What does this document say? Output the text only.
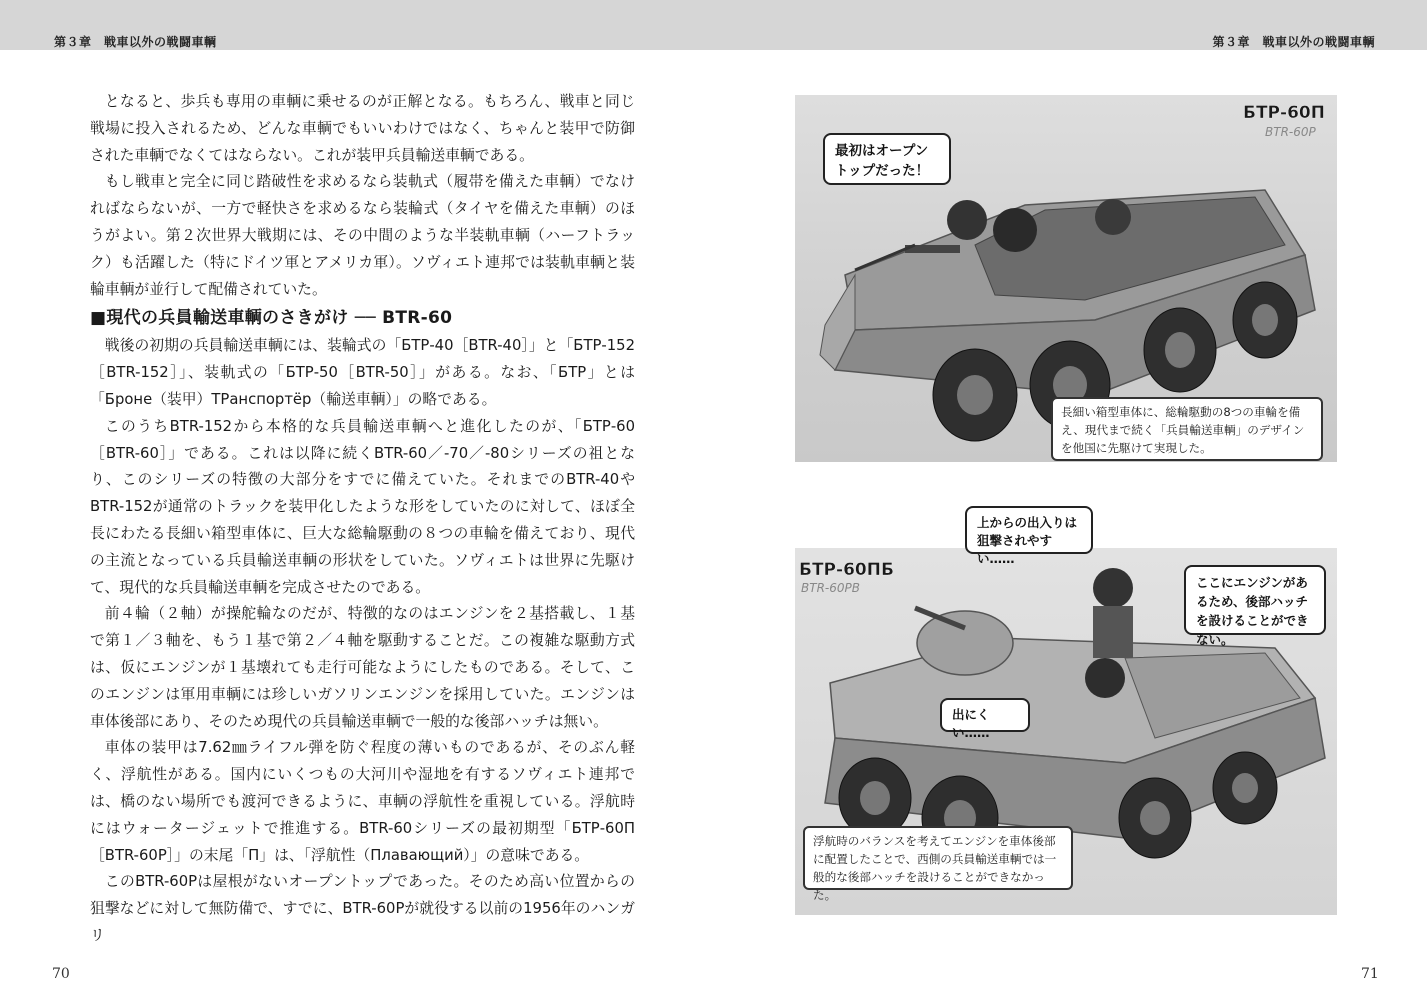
第３章　戦車以外の戦闘車輌	第３章　戦車以外の戦闘車輌

となると、歩兵も専用の車輌に乗せるのが正解となる。もちろん、戦車と同じ戦場に投入されるため、どんな車輌でもいいわけではなく、ちゃんと装甲で防御された車輌でなくてはならない。これが装甲兵員輸送車輌である。

もし戦車と完全に同じ踏破性を求めるなら装軌式（履帯を備えた車輌）でなければならないが、一方で軽快さを求めるなら装輪式（タイヤを備えた車輌）のほうがよい。第２次世界大戦期には、その中間のような半装軌車輌（ハーフトラック）も活躍した（特にドイツ軍とアメリカ軍）。ソヴィエト連邦では装軌車輌と装輪車輌が並行して配備されていた。

■現代の兵員輸送車輌のさきがけ ── BTR-60

戦後の初期の兵員輸送車輌には、装輪式の「БТР-40［BTR-40］」と「БТР-152［BTR-152］」、装軌式の「БТР-50［BTR-50］」がある。なお、「БТР」とは「Броне（装甲）ТРанспортёр（輸送車輌）」の略である。

このうちBTR-152から本格的な兵員輸送車輌へと進化したのが、「БТР-60［BTR-60］」である。これは以降に続くBTR-60／-70／-80シリーズの祖となり、このシリーズの特徴の大部分をすでに備えていた。それまでのBTR-40やBTR-152が通常のトラックを装甲化したような形をしていたのに対して、ほぼ全長にわたる長細い箱型車体に、巨大な総輪駆動の８つの車輪を備えており、現代の主流となっている兵員輸送車輌の形状をしていた。ソヴィエトは世界に先駆けて、現代的な兵員輸送車輌を完成させたのである。

前４輪（２軸）が操舵輪なのだが、特徴的なのはエンジンを２基搭載し、１基で第１／３軸を、もう１基で第２／４軸を駆動することだ。この複雑な駆動方式は、仮にエンジンが１基壊れても走行可能なようにしたものである。そして、このエンジンは軍用車輌には珍しいガソリンエンジンを採用していた。エンジンは車体後部にあり、そのため現代の兵員輸送車輌で一般的な後部ハッチは無い。

車体の装甲は7.62㎜ライフル弾を防ぐ程度の薄いものであるが、そのぶん軽く、浮航性がある。国内にいくつもの大河川や湿地を有するソヴィエト連邦では、橋のない場所でも渡河できるように、車輌の浮航性を重視している。浮航時にはウォータージェットで推進する。BTR-60シリーズの最初期型「БТР-60П［BTR-60P］」の末尾「П」は、「浮航性（Плавающий）」の意味である。

このBTR-60Pは屋根がないオープントップであった。そのため高い位置からの狙撃などに対して無防備で、すでに、BTR-60Pが就役する以前の1956年のハンガリ

БТР-60П
BTR-60P
最初はオープントップだった！
長細い箱型車体に、総輪駆動の8つの車輪を備え、現代まで続く「兵員輸送車輌」のデザインを他国に先駆けて実現した。
БТР-60ПБ
BTR-60PB
浮航時のバランスを考えてエンジンを車体後部に配置したことで、西側の兵員輸送車輌では一般的な後部ハッチを設けることができなかった。
上からの出入りは狙撃されやすい……
ここにエンジンがあるため、後部ハッチを設けることができない。
出にくい……
70	71
